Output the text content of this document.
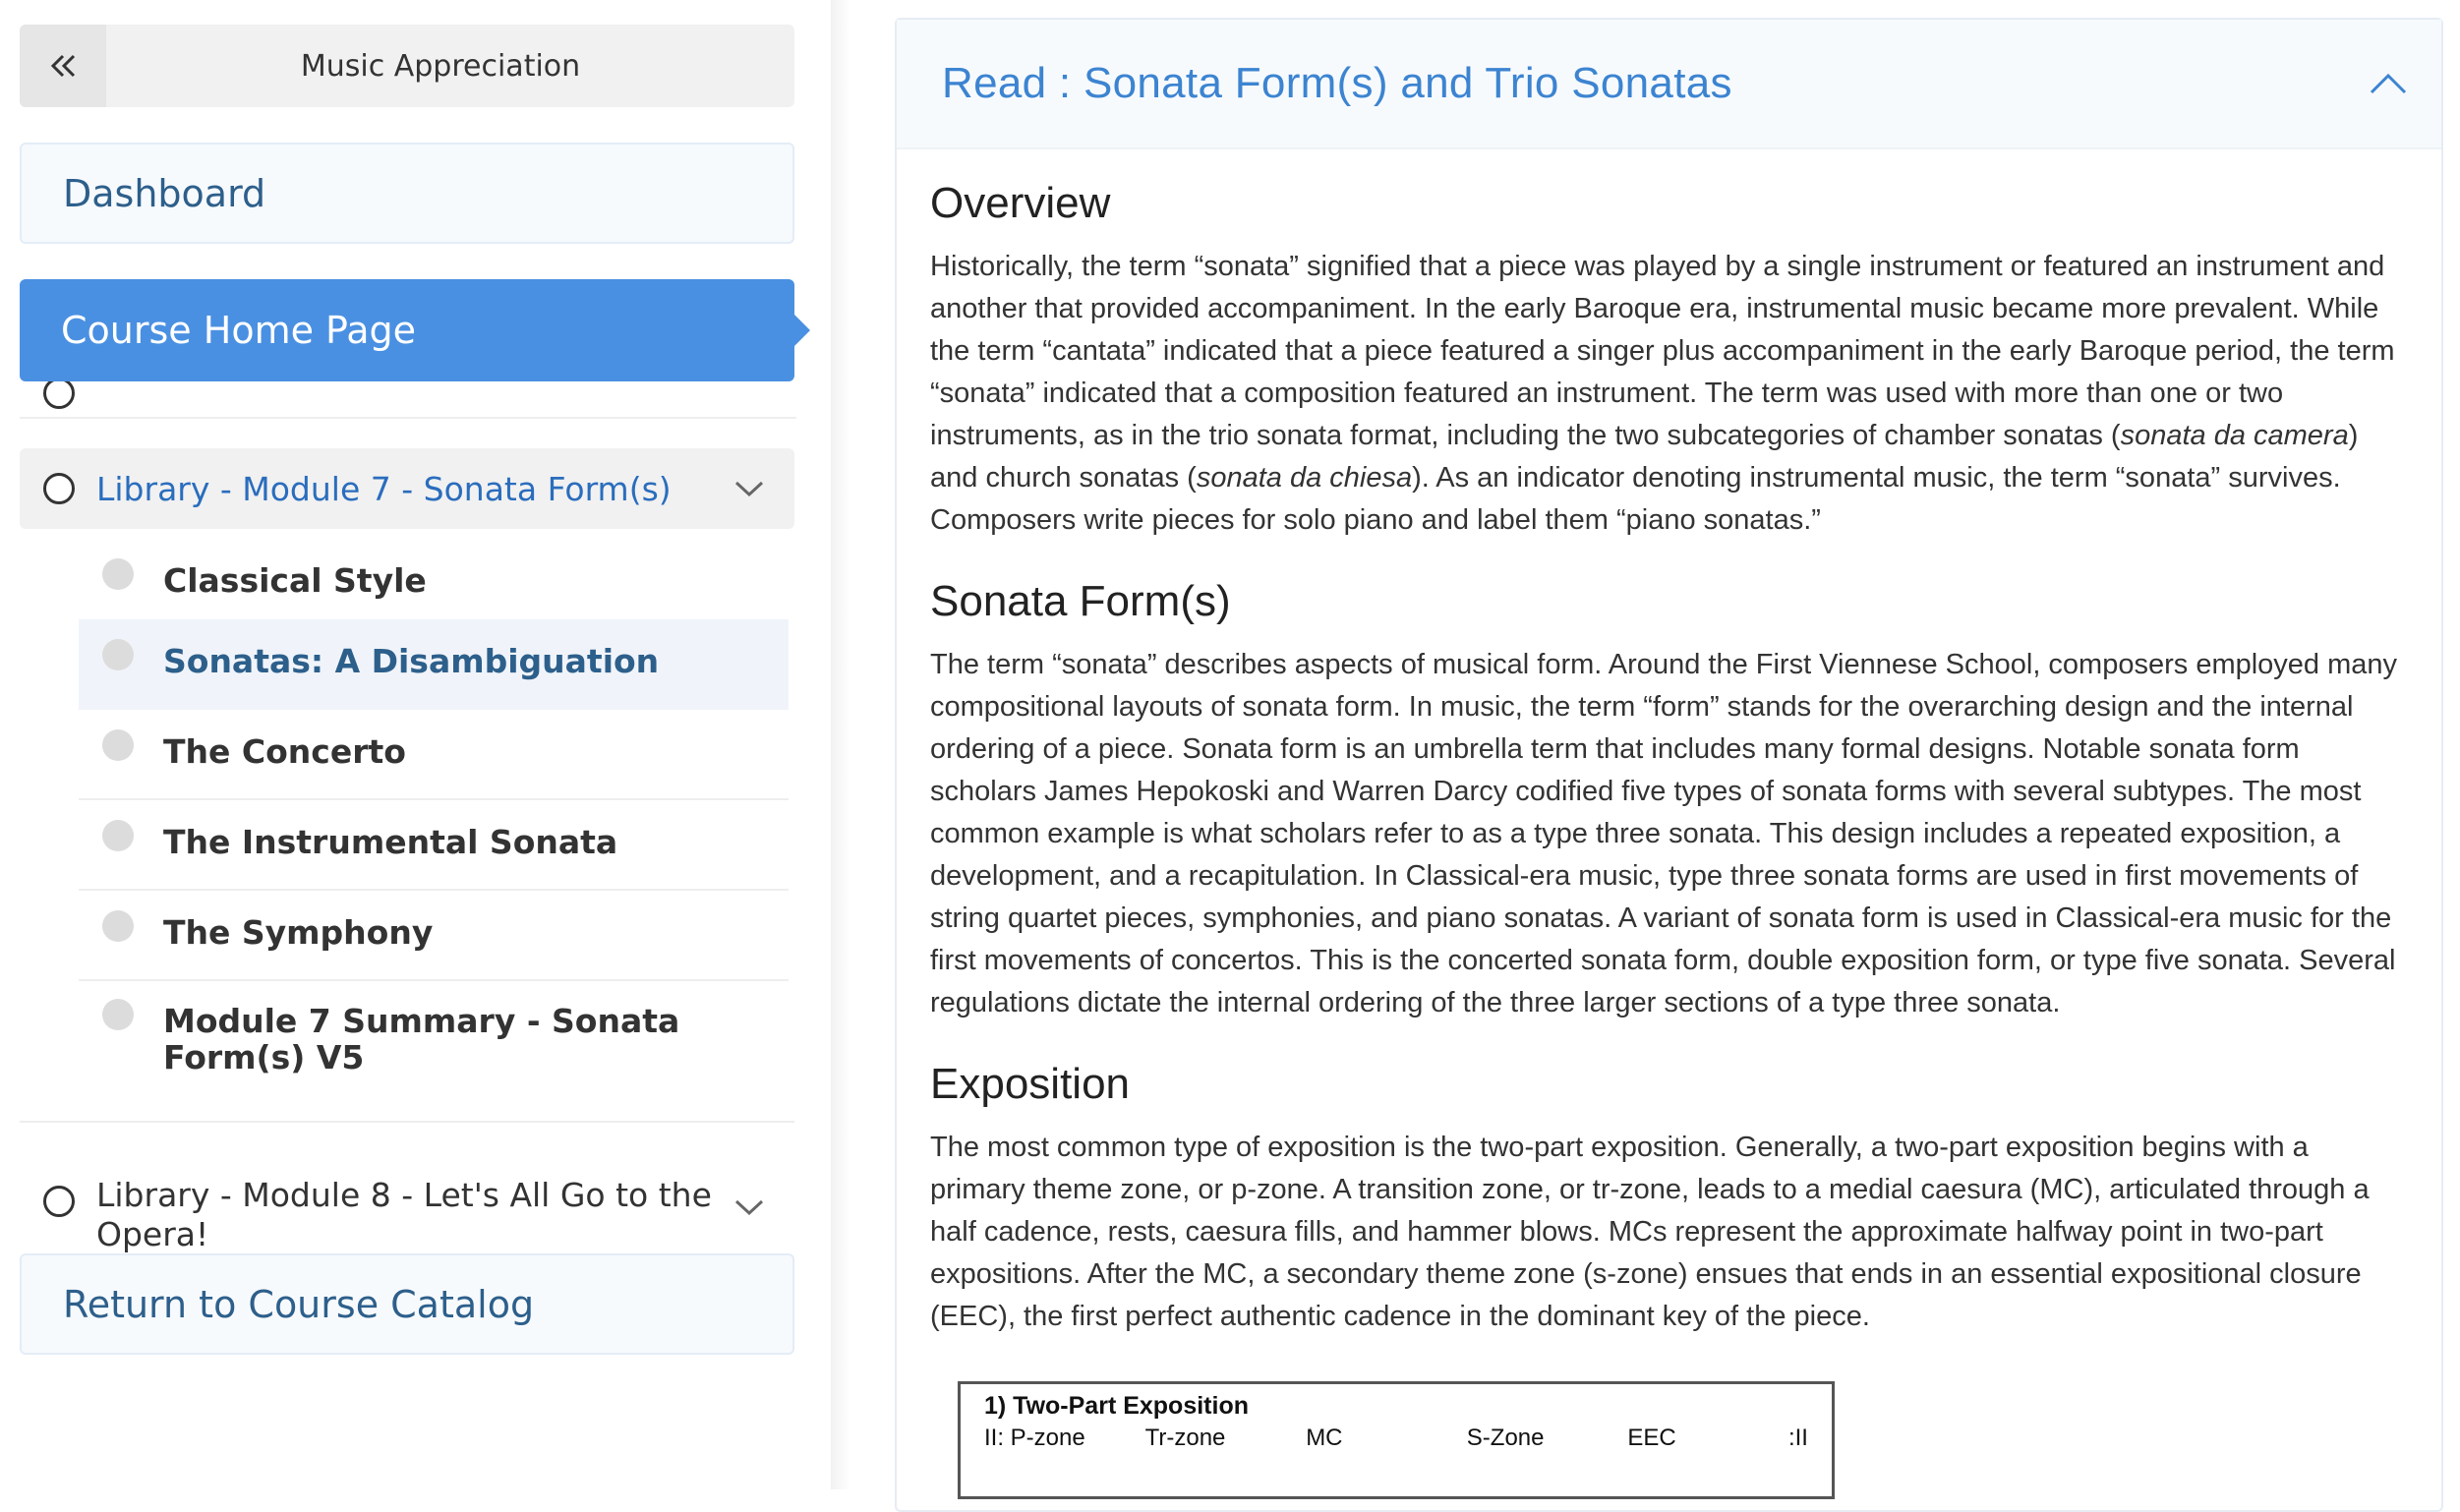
Music Appreciation
Dashboard
Course Home Page
Library - Module 7 - Sonata Form(s)
Classical Style
Sonatas: A Disambiguation
The Concerto
The Instrumental Sonata
The Symphony
Module 7 Summary - Sonata Form(s) V5
Library - Module 8 - Let's All Go to the Opera!
Return to Course Catalog
Read : Sonata Form(s) and Trio Sonatas
Overview

Historically, the term “sonata” signified that a piece was played by a single instrument or featured an instrument and another that provided accompaniment. In the early Baroque era, instrumental music became more prevalent. While the term “cantata” indicated that a piece featured a singer plus accompaniment in the early Baroque period, the term “sonata” indicated that a composition featured an instrument. The term was used with more than one or two instruments, as in the trio sonata format, including the two subcategories of chamber sonatas (sonata da camera) and church sonatas (sonata da chiesa). As an indicator denoting instrumental music, the term “sonata” survives. Composers write pieces for solo piano and label them “piano sonatas.”

Sonata Form(s)

The term “sonata” describes aspects of musical form. Around the First Viennese School, composers employed many compositional layouts of sonata form. In music, the term “form” stands for the overarching design and the internal ordering of a piece. Sonata form is an umbrella term that includes many formal designs. Notable sonata form scholars James Hepokoski and Warren Darcy codified five types of sonata forms with several subtypes. The most common example is what scholars refer to as a type three sonata. This design includes a repeated exposition, a development, and a recapitulation. In Classical-era music, type three sonata forms are used in first movements of string quartet pieces, symphonies, and piano sonatas. A variant of sonata form is used in Classical-era music for the first movements of concertos. This is the concerted sonata form, double exposition form, or type five sonata. Several regulations dictate the internal ordering of the three larger sections of a type three sonata.

Exposition

The most common type of exposition is the two-part exposition. Generally, a two-part exposition begins with a primary theme zone, or p-zone. A transition zone, or tr-zone, leads to a medial caesura (MC), articulated through a half cadence, rests, caesura fills, and hammer blows. MCs represent the approximate halfway point in two-part expositions. After the MC, a secondary theme zone (s-zone) ensues that ends in an essential expositional closure (EEC), the first perfect authentic cadence in the dominant key of the piece.

1) Two-Part Exposition
II: P-zone	Tr-zone	MC	S-Zone	EEC	:II
